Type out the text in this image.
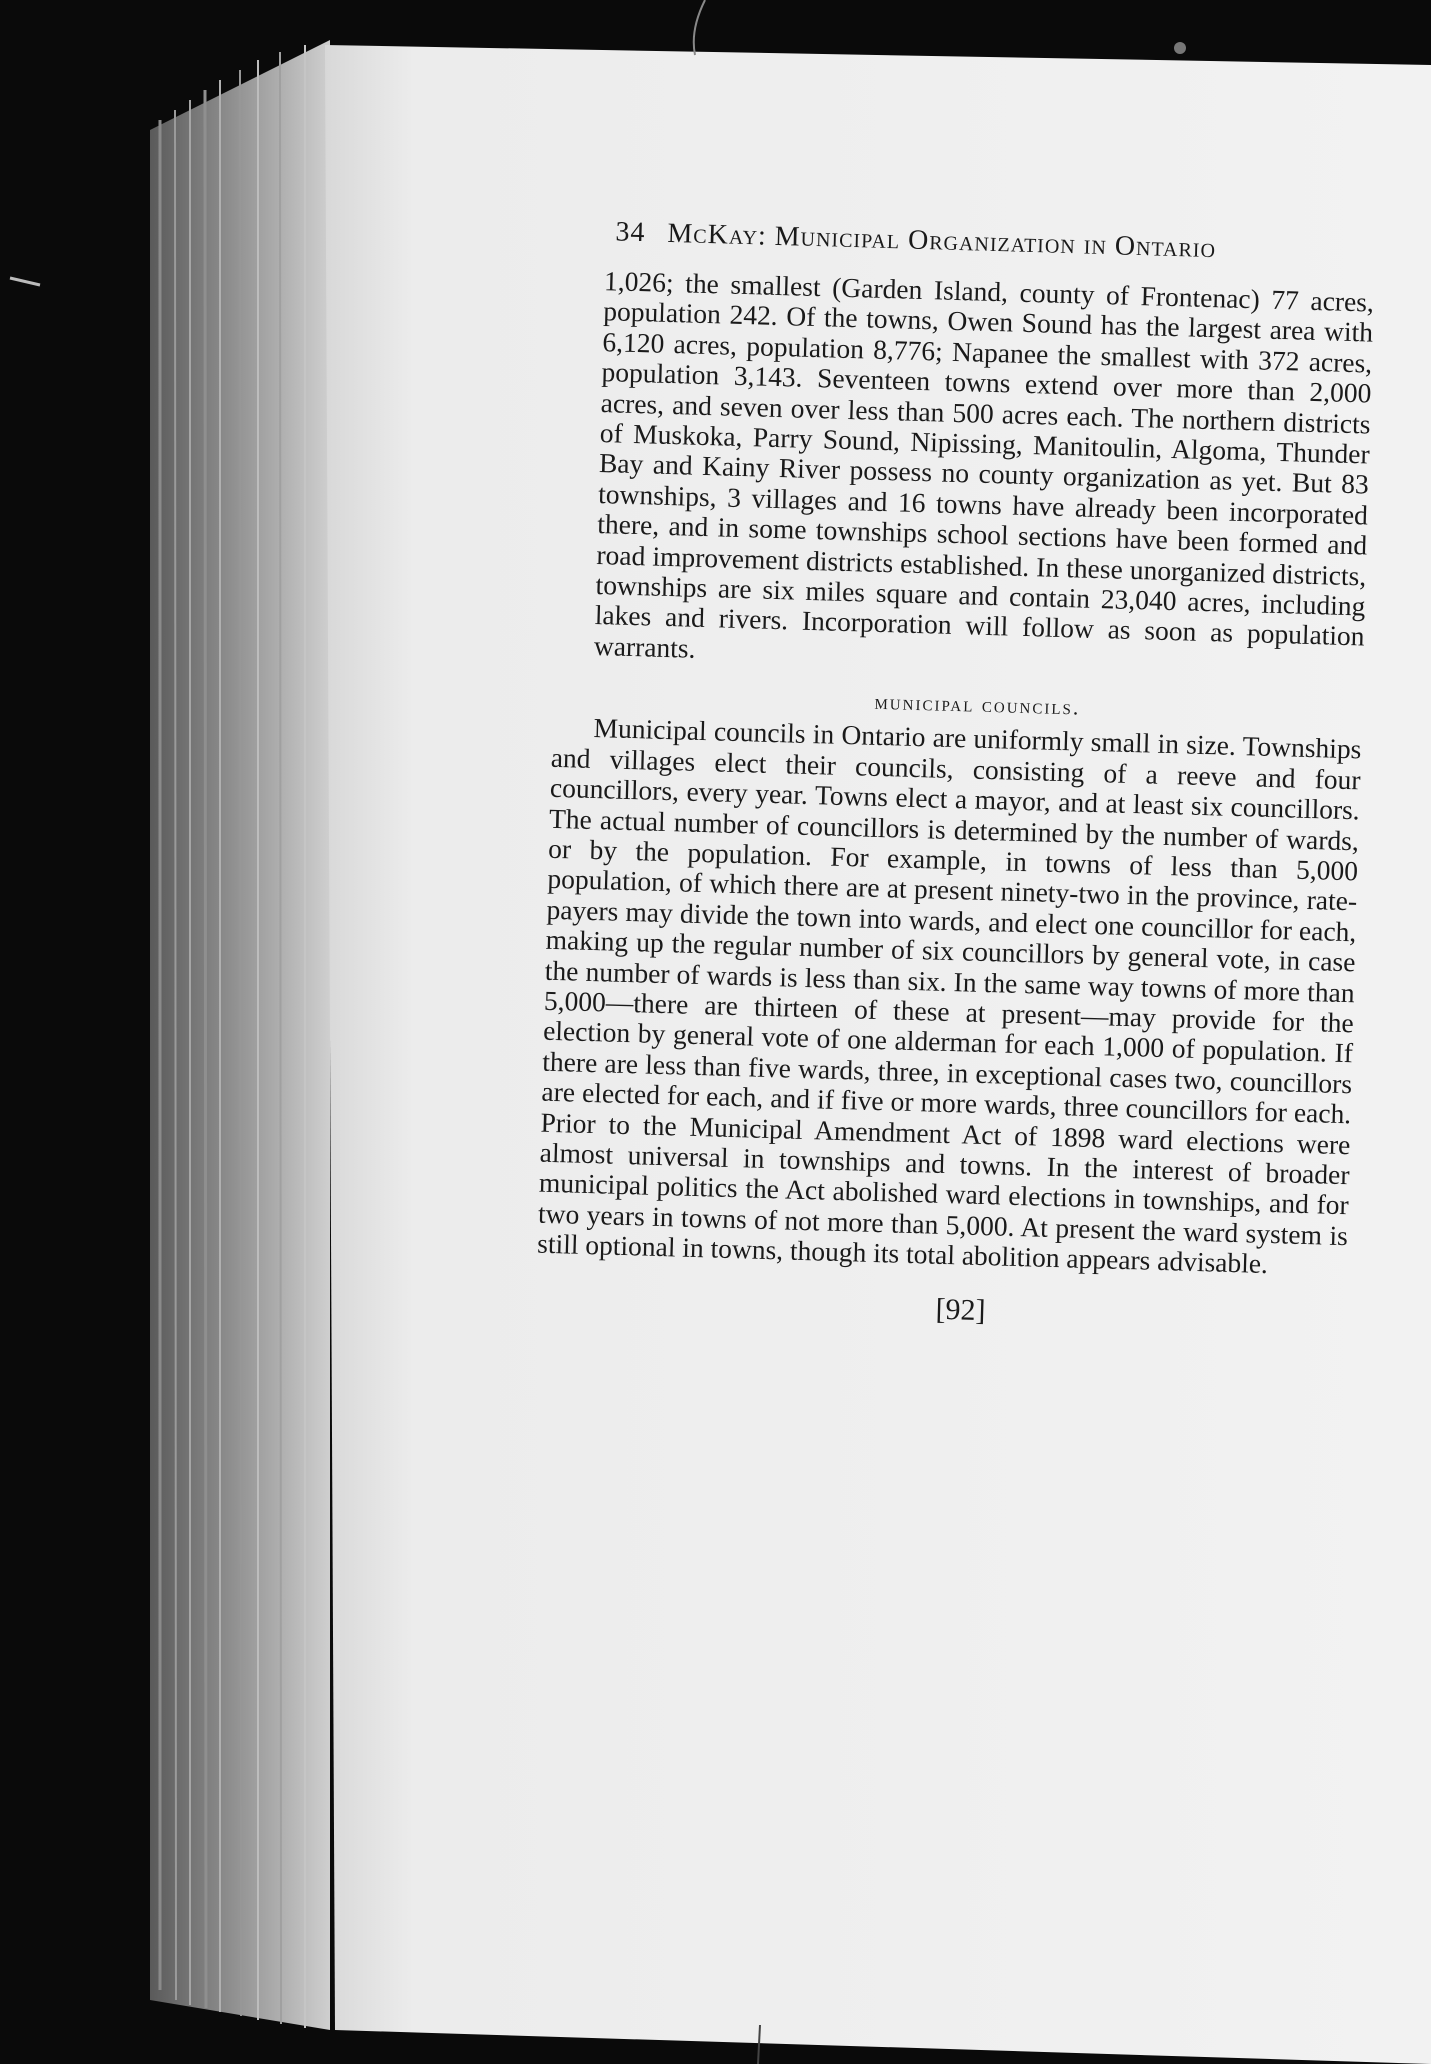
34 McKay: Municipal Organization in Ontario

1,026; the smallest (Garden Island, county of Frontenac) 77 acres, population 242. Of the towns, Owen Sound has the largest area with 6,120 acres, population 8,776; Napanee the smallest with 372 acres, population 3,143. Seventeen towns extend over more than 2,000 acres, and seven over less than 500 acres each. The northern districts of Muskoka, Parry Sound, Nipissing, Manitoulin, Algoma, Thunder Bay and Kainy River possess no county organization as yet. But 83 townships, 3 villages and 16 towns have already been incorporated there, and in some townships school sections have been formed and road improvement districts established. In these unorganized districts, townships are six miles square and contain 23,040 acres, including lakes and rivers. Incorporation will follow as soon as population warrants.

municipal councils.

Municipal councils in Ontario are uniformly small in size. Townships and villages elect their councils, consisting of a reeve and four councillors, every year. Towns elect a mayor, and at least six councillors. The actual number of councillors is determined by the number of wards, or by the population. For example, in towns of less than 5,000 population, of which there are at present ninety-two in the province, rate-payers may divide the town into wards, and elect one councillor for each, making up the regular number of six councillors by general vote, in case the number of wards is less than six. In the same way towns of more than 5,000—there are thirteen of these at present—may provide for the election by general vote of one alderman for each 1,000 of population. If there are less than five wards, three, in exceptional cases two, councillors are elected for each, and if five or more wards, three councillors for each. Prior to the Municipal Amendment Act of 1898 ward elections were almost universal in townships and towns. In the interest of broader municipal politics the Act abolished ward elections in townships, and for two years in towns of not more than 5,000. At present the ward system is still optional in towns, though its total abolition appears advisable.

[92]
